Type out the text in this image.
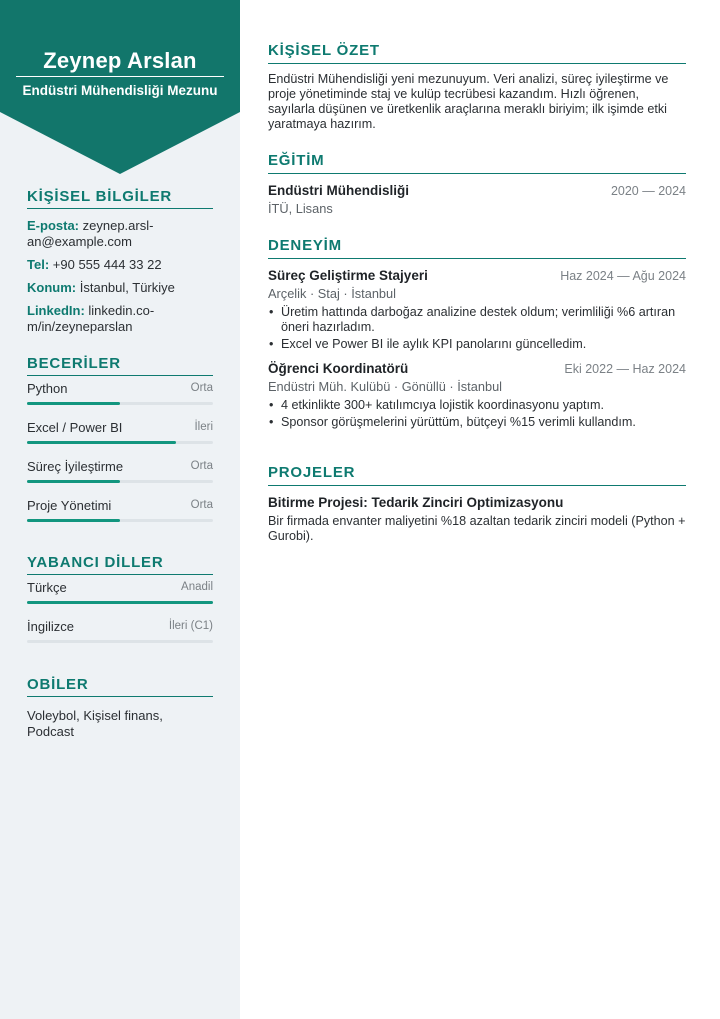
Zeynep Arslan
Endüstri Mühendisliği Mezunu
KİŞİSEL BİLGİLER
E-posta: zeynep.arsl-
an@example.com
Tel: +90 555 444 33 22
Konum: İstanbul, Türkiye
LinkedIn: linkedin.co-
m/in/zeyneparslan
BECERİLER
Python	Orta
Excel / Power BI	İleri
Süreç İyileştirme	Orta
Proje Yönetimi	Orta
YABANCI DİLLER
Türkçe	Anadil
İngilizce	İleri (C1)
OBİLER
Voleybol, Kişisel finans,
Podcast
KİŞİSEL ÖZET
Endüstri Mühendisliği yeni mezunuyum. Veri analizi, süreç iyileştirme ve proje yönetiminde staj ve kulüp tecrübesi kazandım. Hızlı öğrenen, sayılarla düşünen ve üretkenlik araçlarına meraklı biriyim; ilk işimde etki yaratmaya hazırım.
EĞİTİM
Endüstri Mühendisliği	2020 — 2024
İTÜ, Lisans
DENEYİM
Süreç Geliştirme Stajyeri	Haz 2024 — Ağu 2024
Arçelik · Staj · İstanbul
• Üretim hattında darboğaz analizine destek oldum; verimliliği %6 artıran öneri hazırladım.
• Excel ve Power BI ile aylık KPI panolarını güncelledim.
Öğrenci Koordinatörü	Eki 2022 — Haz 2024
Endüstri Müh. Kulübü · Gönüllü · İstanbul
• 4 etkinlikte 300+ katılımcıya lojistik koordinasyonu yaptım.
• Sponsor görüşmelerini yürüttüm, bütçeyi %15 verimli kullandım.
PROJELER
Bitirme Projesi: Tedarik Zinciri Optimizasyonu
Bir firmada envanter maliyetini %18 azaltan tedarik zinciri modeli (Python + Gurobi).
